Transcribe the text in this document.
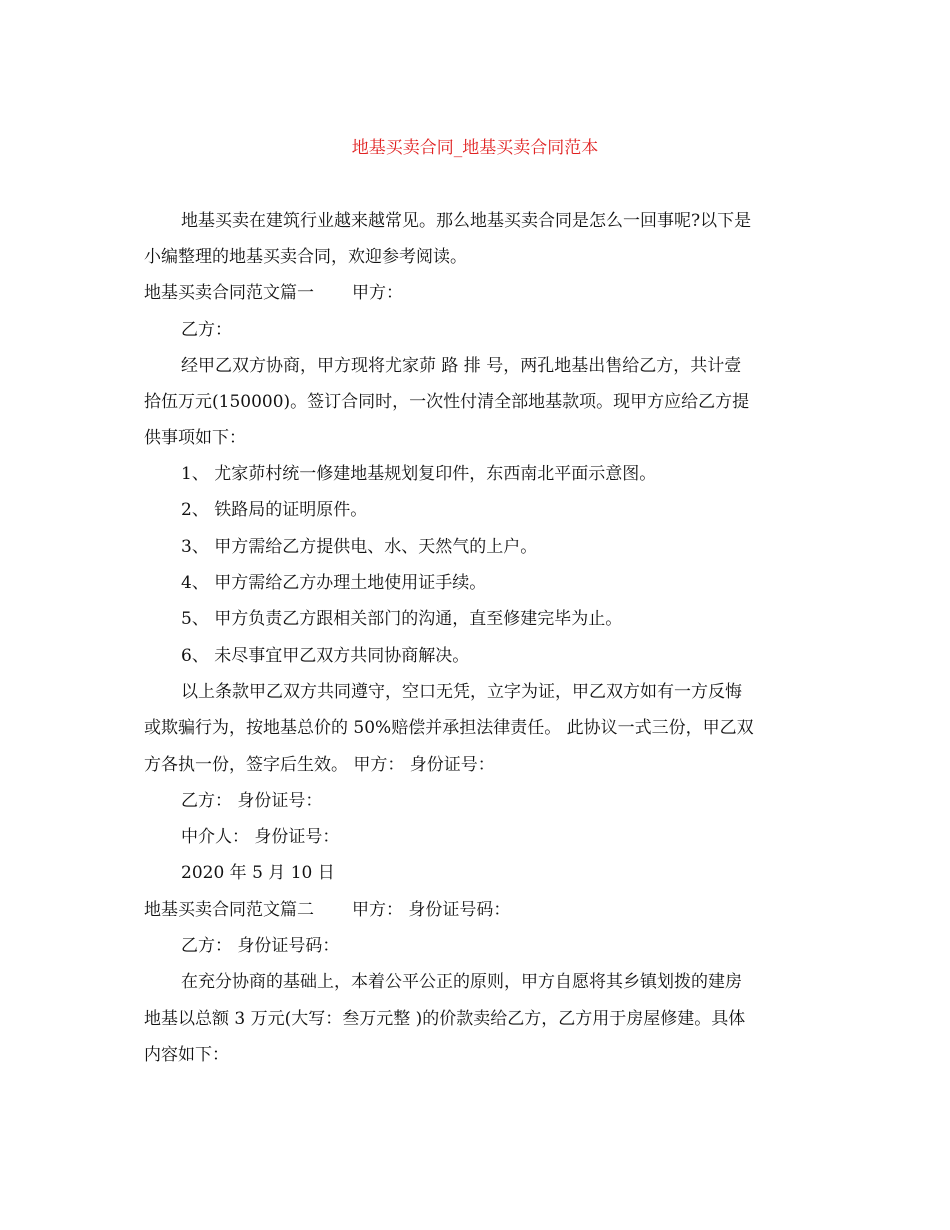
地基买卖合同_地基买卖合同范本
地基买卖在建筑行业越来越常见。那么地基买卖合同是怎么一回事呢?以下是
小编整理的地基买卖合同，欢迎参考阅读。
地基买卖合同范文篇一 甲方：
乙方：
经甲乙双方协商，甲方现将尤家茆 路 排 号，两孔地基出售给乙方，共计壹
拾伍万元(150000)。签订合同时，一次性付清全部地基款项。现甲方应给乙方提
供事项如下：
1、 尤家茆村统一修建地基规划复印件，东西南北平面示意图。
2、 铁路局的证明原件。
3、 甲方需给乙方提供电、水、天然气的上户。
4、 甲方需给乙方办理土地使用证手续。
5、 甲方负责乙方跟相关部门的沟通，直至修建完毕为止。
6、 未尽事宜甲乙双方共同协商解决。
以上条款甲乙双方共同遵守，空口无凭，立字为证，甲乙双方如有一方反悔
或欺骗行为，按地基总价的 50%赔偿并承担法律责任。 此协议一式三份，甲乙双
方各执一份，签字后生效。 甲方： 身份证号：
乙方： 身份证号：
中介人： 身份证号：
2020 年 5 月 10 日
地基买卖合同范文篇二 甲方： 身份证号码：
乙方： 身份证号码：
在充分协商的基础上，本着公平公正的原则，甲方自愿将其乡镇划拨的建房
地基以总额 3 万元(大写：叁万元整 )的价款卖给乙方，乙方用于房屋修建。具体
内容如下：
